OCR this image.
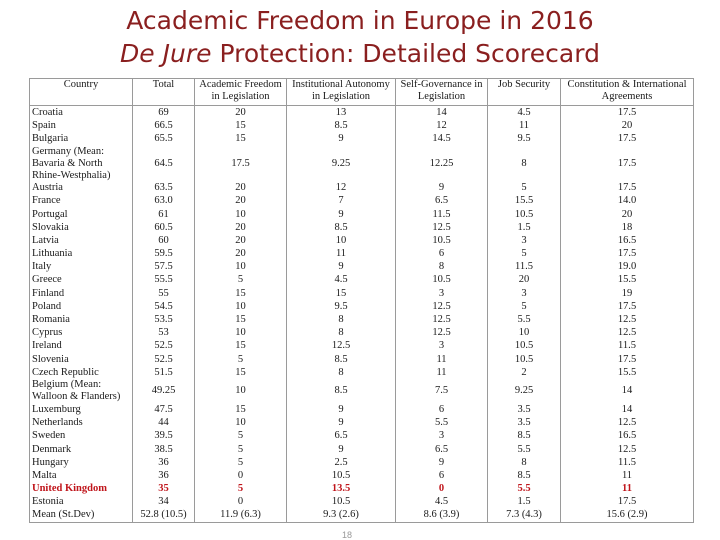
Academic Freedom in Europe in 2016
De Jure Protection: Detailed Scorecard
Country	Total	Academic Freedom in Legislation	Institutional Autonomy in Legislation	Self-Governance in Legislation	Job Security	Constitution & International Agreements
Croatia	69	20	13	14	4.5	17.5
Spain	66.5	15	8.5	12	11	20
Bulgaria	65.5	15	9	14.5	9.5	17.5
Germany (Mean: Bavaria & North Rhine-Westphalia)	64.5	17.5	9.25	12.25	8	17.5
Austria	63.5	20	12	9	5	17.5
France	63.0	20	7	6.5	15.5	14.0
Portugal	61	10	9	11.5	10.5	20
Slovakia	60.5	20	8.5	12.5	1.5	18
Latvia	60	20	10	10.5	3	16.5
Lithuania	59.5	20	11	6	5	17.5
Italy	57.5	10	9	8	11.5	19.0
Greece	55.5	5	4.5	10.5	20	15.5
Finland	55	15	15	3	3	19
Poland	54.5	10	9.5	12.5	5	17.5
Romania	53.5	15	8	12.5	5.5	12.5
Cyprus	53	10	8	12.5	10	12.5
Ireland	52.5	15	12.5	3	10.5	11.5
Slovenia	52.5	5	8.5	11	10.5	17.5
Czech Republic	51.5	15	8	11	2	15.5
Belgium (Mean: Walloon & Flanders)	49.25	10	8.5	7.5	9.25	14
Luxemburg	47.5	15	9	6	3.5	14
Netherlands	44	10	9	5.5	3.5	12.5
Sweden	39.5	5	6.5	3	8.5	16.5
Denmark	38.5	5	9	6.5	5.5	12.5
Hungary	36	5	2.5	9	8	11.5
Malta	36	0	10.5	6	8.5	11
United Kingdom	35	5	13.5	0	5.5	11
Estonia	34	0	10.5	4.5	1.5	17.5
Mean (St.Dev)	52.8 (10.5)	11.9 (6.3)	9.3 (2.6)	8.6 (3.9)	7.3 (4.3)	15.6 (2.9)
18
